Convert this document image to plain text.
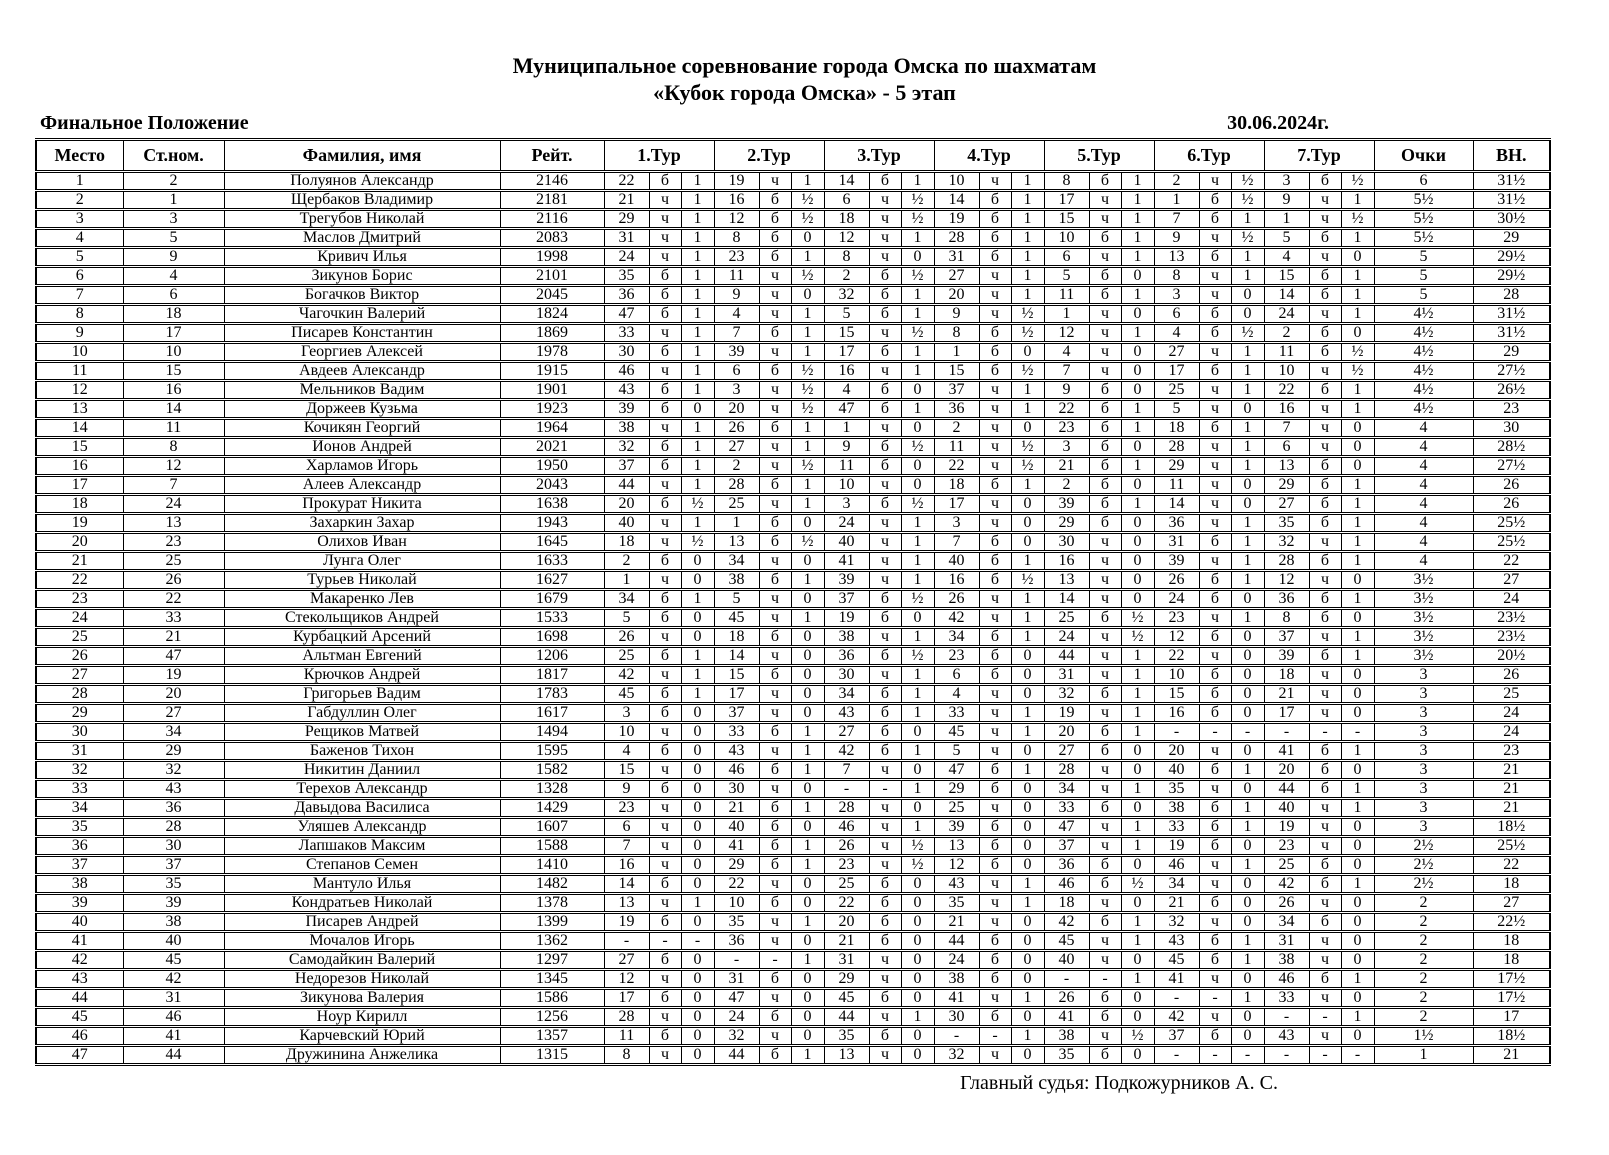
Муниципальное соревнование города Омска по шахматам
«Кубок города Омска» - 5 этап
Финальное Положение	30.06.2024г.
Место	Ст.ном.	Фамилия, имя	Рейт.	1.Тур			2.Тур			3.Тур			4.Тур			5.Тур			6.Тур			7.Тур			Очки	ВН.
1	2	Полуянов Александр	2146	22	б	1	19	ч	1	14	б	1	10	ч	1	8	б	1	2	ч	½	3	б	½	6	31½
2	1	Щербаков Владимир	2181	21	ч	1	16	б	½	6	ч	½	14	б	1	17	ч	1	1	б	½	9	ч	1	5½	31½
3	3	Трегубов Николай	2116	29	ч	1	12	б	½	18	ч	½	19	б	1	15	ч	1	7	б	1	1	ч	½	5½	30½
4	5	Маслов Дмитрий	2083	31	ч	1	8	б	0	12	ч	1	28	б	1	10	б	1	9	ч	½	5	б	1	5½	29
5	9	Кривич Илья	1998	24	ч	1	23	б	1	8	ч	0	31	б	1	6	ч	1	13	б	1	4	ч	0	5	29½
6	4	Зикунов Борис	2101	35	б	1	11	ч	½	2	б	½	27	ч	1	5	б	0	8	ч	1	15	б	1	5	29½
7	6	Богачков Виктор	2045	36	б	1	9	ч	0	32	б	1	20	ч	1	11	б	1	3	ч	0	14	б	1	5	28
8	18	Чагочкин Валерий	1824	47	б	1	4	ч	1	5	б	1	9	ч	½	1	ч	0	6	б	0	24	ч	1	4½	31½
9	17	Писарев Константин	1869	33	ч	1	7	б	1	15	ч	½	8	б	½	12	ч	1	4	б	½	2	б	0	4½	31½
10	10	Георгиев Алексей	1978	30	б	1	39	ч	1	17	б	1	1	б	0	4	ч	0	27	ч	1	11	б	½	4½	29
11	15	Авдеев Александр	1915	46	ч	1	6	б	½	16	ч	1	15	б	½	7	ч	0	17	б	1	10	ч	½	4½	27½
12	16	Мельников Вадим	1901	43	б	1	3	ч	½	4	б	0	37	ч	1	9	б	0	25	ч	1	22	б	1	4½	26½
13	14	Доржеев Кузьма	1923	39	б	0	20	ч	½	47	б	1	36	ч	1	22	б	1	5	ч	0	16	ч	1	4½	23
14	11	Кочикян Георгий	1964	38	ч	1	26	б	1	1	ч	0	2	ч	0	23	б	1	18	б	1	7	ч	0	4	30
15	8	Ионов Андрей	2021	32	б	1	27	ч	1	9	б	½	11	ч	½	3	б	0	28	ч	1	6	ч	0	4	28½
16	12	Харламов Игорь	1950	37	б	1	2	ч	½	11	б	0	22	ч	½	21	б	1	29	ч	1	13	б	0	4	27½
17	7	Алеев Александр	2043	44	ч	1	28	б	1	10	ч	0	18	б	1	2	б	0	11	ч	0	29	б	1	4	26
18	24	Прокурат Никита	1638	20	б	½	25	ч	1	3	б	½	17	ч	0	39	б	1	14	ч	0	27	б	1	4	26
19	13	Захаркин Захар	1943	40	ч	1	1	б	0	24	ч	1	3	ч	0	29	б	0	36	ч	1	35	б	1	4	25½
20	23	Олихов Иван	1645	18	ч	½	13	б	½	40	ч	1	7	б	0	30	ч	0	31	б	1	32	ч	1	4	25½
21	25	Лунга Олег	1633	2	б	0	34	ч	0	41	ч	1	40	б	1	16	ч	0	39	ч	1	28	б	1	4	22
22	26	Турьев Николай	1627	1	ч	0	38	б	1	39	ч	1	16	б	½	13	ч	0	26	б	1	12	ч	0	3½	27
23	22	Макаренко Лев	1679	34	б	1	5	ч	0	37	б	½	26	ч	1	14	ч	0	24	б	0	36	б	1	3½	24
24	33	Стекольщиков Андрей	1533	5	б	0	45	ч	1	19	б	0	42	ч	1	25	б	½	23	ч	1	8	б	0	3½	23½
25	21	Курбацкий Арсений	1698	26	ч	0	18	б	0	38	ч	1	34	б	1	24	ч	½	12	б	0	37	ч	1	3½	23½
26	47	Альтман Евгений	1206	25	б	1	14	ч	0	36	б	½	23	б	0	44	ч	1	22	ч	0	39	б	1	3½	20½
27	19	Крючков Андрей	1817	42	ч	1	15	б	0	30	ч	1	6	б	0	31	ч	1	10	б	0	18	ч	0	3	26
28	20	Григорьев Вадим	1783	45	б	1	17	ч	0	34	б	1	4	ч	0	32	б	1	15	б	0	21	ч	0	3	25
29	27	Габдуллин Олег	1617	3	б	0	37	ч	0	43	б	1	33	ч	1	19	ч	1	16	б	0	17	ч	0	3	24
30	34	Рещиков Матвей	1494	10	ч	0	33	б	1	27	б	0	45	ч	1	20	б	1	-	-	-	-	-	-	3	24
31	29	Баженов Тихон	1595	4	б	0	43	ч	1	42	б	1	5	ч	0	27	б	0	20	ч	0	41	б	1	3	23
32	32	Никитин Даниил	1582	15	ч	0	46	б	1	7	ч	0	47	б	1	28	ч	0	40	б	1	20	б	0	3	21
33	43	Терехов Александр	1328	9	б	0	30	ч	0	-	-	1	29	б	0	34	ч	1	35	ч	0	44	б	1	3	21
34	36	Давыдова Василиса	1429	23	ч	0	21	б	1	28	ч	0	25	ч	0	33	б	0	38	б	1	40	ч	1	3	21
35	28	Уляшев Александр	1607	6	ч	0	40	б	0	46	ч	1	39	б	0	47	ч	1	33	б	1	19	ч	0	3	18½
36	30	Лапшаков Максим	1588	7	ч	0	41	б	1	26	ч	½	13	б	0	37	ч	1	19	б	0	23	ч	0	2½	25½
37	37	Степанов Семен	1410	16	ч	0	29	б	1	23	ч	½	12	б	0	36	б	0	46	ч	1	25	б	0	2½	22
38	35	Мантуло Илья	1482	14	б	0	22	ч	0	25	б	0	43	ч	1	46	б	½	34	ч	0	42	б	1	2½	18
39	39	Кондратьев Николай	1378	13	ч	1	10	б	0	22	б	0	35	ч	1	18	ч	0	21	б	0	26	ч	0	2	27
40	38	Писарев Андрей	1399	19	б	0	35	ч	1	20	б	0	21	ч	0	42	б	1	32	ч	0	34	б	0	2	22½
41	40	Мочалов Игорь	1362	-	-	-	36	ч	0	21	б	0	44	б	0	45	ч	1	43	б	1	31	ч	0	2	18
42	45	Самодайкин Валерий	1297	27	б	0	-	-	1	31	ч	0	24	б	0	40	ч	0	45	б	1	38	ч	0	2	18
43	42	Недорезов Николай	1345	12	ч	0	31	б	0	29	ч	0	38	б	0	-	-	1	41	ч	0	46	б	1	2	17½
44	31	Зикунова Валерия	1586	17	б	0	47	ч	0	45	б	0	41	ч	1	26	б	0	-	-	1	33	ч	0	2	17½
45	46	Ноур Кирилл	1256	28	ч	0	24	б	0	44	ч	1	30	б	0	41	б	0	42	ч	0	-	-	1	2	17
46	41	Карчевский Юрий	1357	11	б	0	32	ч	0	35	б	0	-	-	1	38	ч	½	37	б	0	43	ч	0	1½	18½
47	44	Дружинина Анжелика	1315	8	ч	0	44	б	1	13	ч	0	32	ч	0	35	б	0	-	-	-	-	-	-	1	21
Главный судья: Подкожурников А. С.
